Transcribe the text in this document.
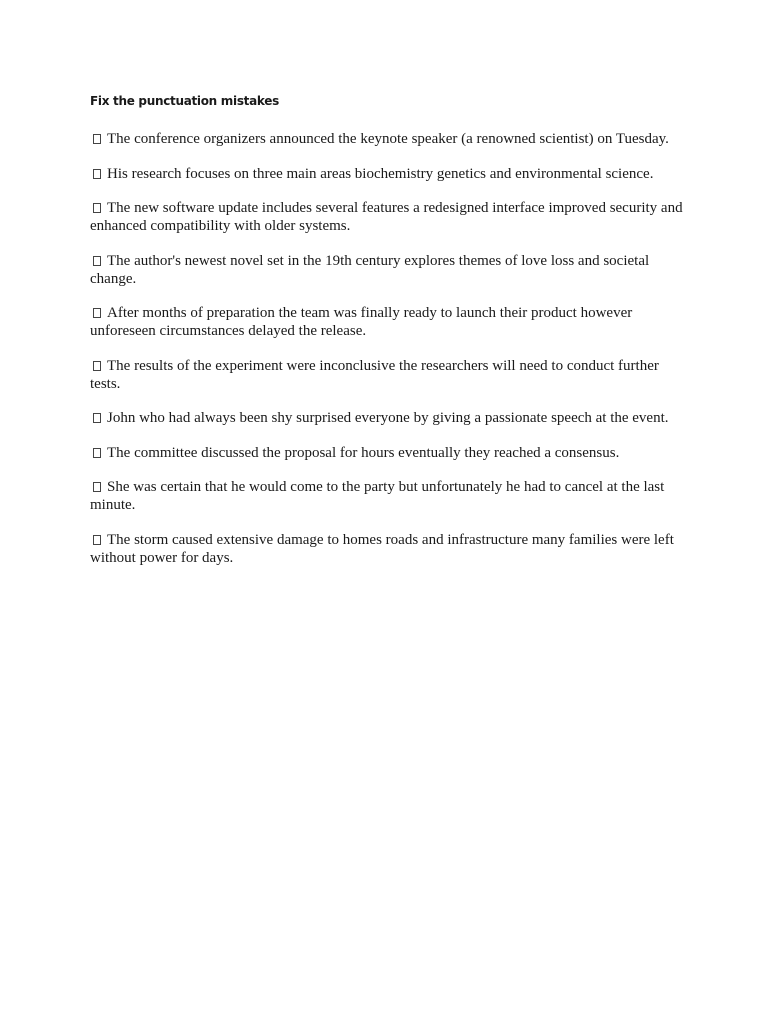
Fix the punctuation mistakes
The conference organizers announced the keynote speaker (a renowned scientist) on Tuesday.
His research focuses on three main areas biochemistry genetics and environmental science.
The new software update includes several features a redesigned interface improved security and enhanced compatibility with older systems.
The author's newest novel set in the 19th century explores themes of love loss and societal change.
After months of preparation the team was finally ready to launch their product however unforeseen circumstances delayed the release.
The results of the experiment were inconclusive the researchers will need to conduct further tests.
John who had always been shy surprised everyone by giving a passionate speech at the event.
The committee discussed the proposal for hours eventually they reached a consensus.
She was certain that he would come to the party but unfortunately he had to cancel at the last minute.
The storm caused extensive damage to homes roads and infrastructure many families were left without power for days.
